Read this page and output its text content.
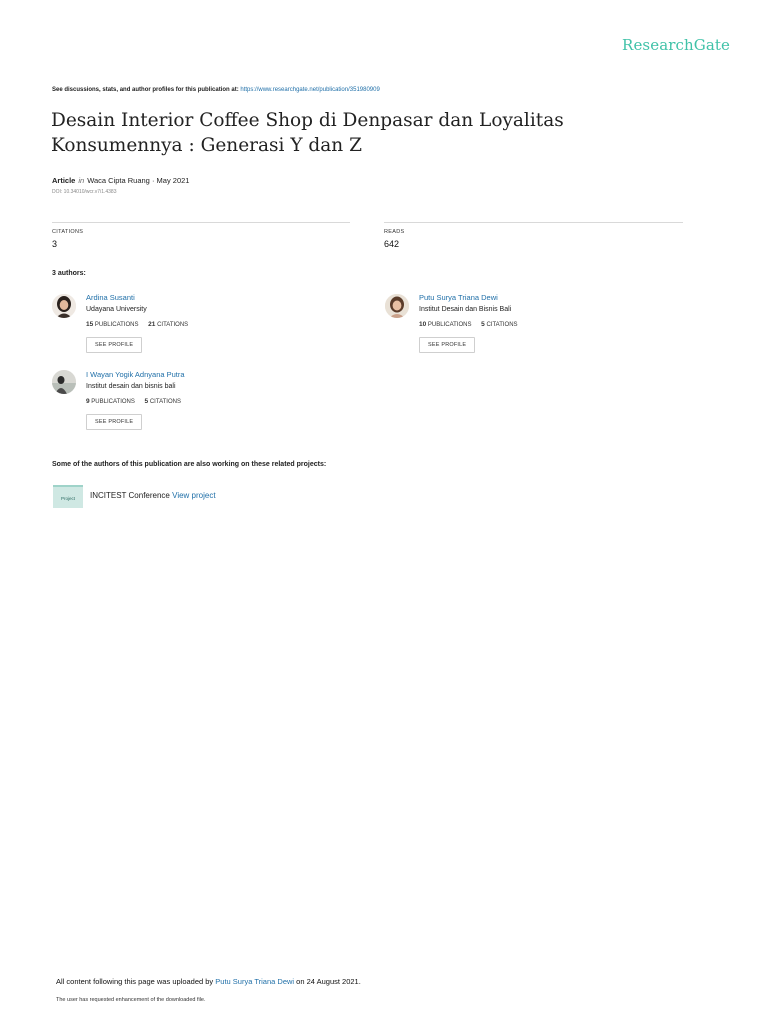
ResearchGate
See discussions, stats, and author profiles for this publication at: https://www.researchgate.net/publication/351980909
Desain Interior Coffee Shop di Denpasar dan Loyalitas Konsumennya : Generasi Y dan Z
Article in Waca Cipta Ruang · May 2021
DOI: 10.34010/wcr.v7i1.4383
CITATIONS
3
READS
642
3 authors:
Ardina Susanti
Udayana University
15 PUBLICATIONS 21 CITATIONS
SEE PROFILE
Putu Surya Triana Dewi
Institut Desain dan Bisnis Bali
10 PUBLICATIONS 5 CITATIONS
SEE PROFILE
I Wayan Yogik Adnyana Putra
Institut desain dan bisnis bali
9 PUBLICATIONS 5 CITATIONS
SEE PROFILE
Some of the authors of this publication are also working on these related projects:
Project INCITEST Conference View project
All content following this page was uploaded by Putu Surya Triana Dewi on 24 August 2021.
The user has requested enhancement of the downloaded file.
